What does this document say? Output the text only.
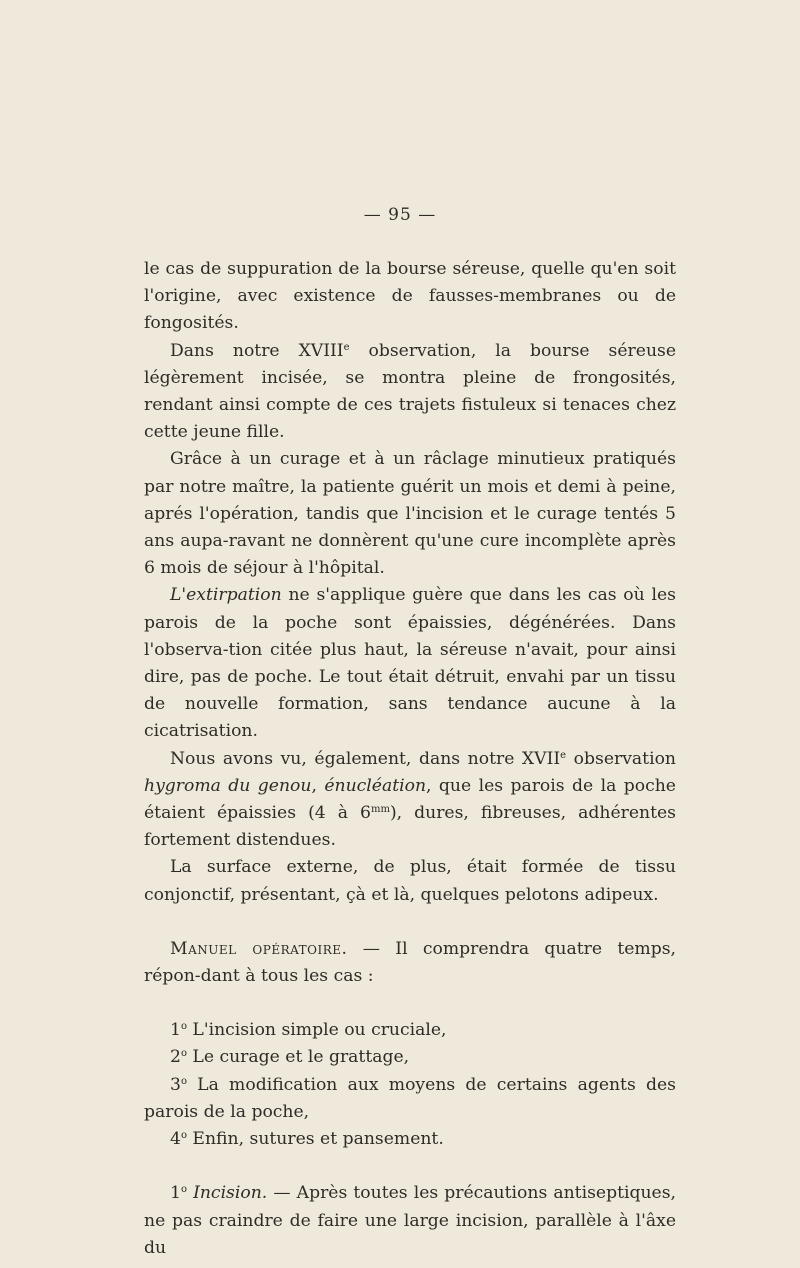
— 95 —

le cas de suppuration de la bourse séreuse, quelle qu'en soit l'origine, avec existence de fausses-membranes ou de fongosités.

Dans notre XVIIIe observation, la bourse séreuse légèrement incisée, se montra pleine de frongosités, rendant ainsi compte de ces trajets fistuleux si tenaces chez cette jeune fille.

Grâce à un curage et à un râclage minutieux pratiqués par notre maître, la patiente guérit un mois et demi à peine, aprés l'opération, tandis que l'incision et le curage tentés 5 ans aupa-ravant ne donnèrent qu'une cure incomplète après 6 mois de séjour à l'hôpital.

L'extirpation ne s'applique guère que dans les cas où les parois de la poche sont épaissies, dégénérées. Dans l'observa-tion citée plus haut, la séreuse n'avait, pour ainsi dire, pas de poche. Le tout était détruit, envahi par un tissu de nouvelle formation, sans tendance aucune à la cicatrisation.

Nous avons vu, également, dans notre XVIIe observation hygroma du genou, énucléation, que les parois de la poche étaient épaissies (4 à $6^{mm}$), dures, fibreuses, adhérentes fortement distendues.

La surface externe, de plus, était formée de tissu conjonctif, présentant, çà et là, quelques pelotons adipeux.

Manuel opératoire. — Il comprendra quatre temps, répon-dant à tous les cas :

1$^o$ L'incision simple ou cruciale,

2$^o$ Le curage et le grattage,

3$^o$ La modification aux moyens de certains agents des parois de la poche,

4$^o$ Enfin, sutures et pansement.

1$^o$ Incision. — Après toutes les précautions antiseptiques, ne pas craindre de faire une large incision, parallèle à l'âxe du
